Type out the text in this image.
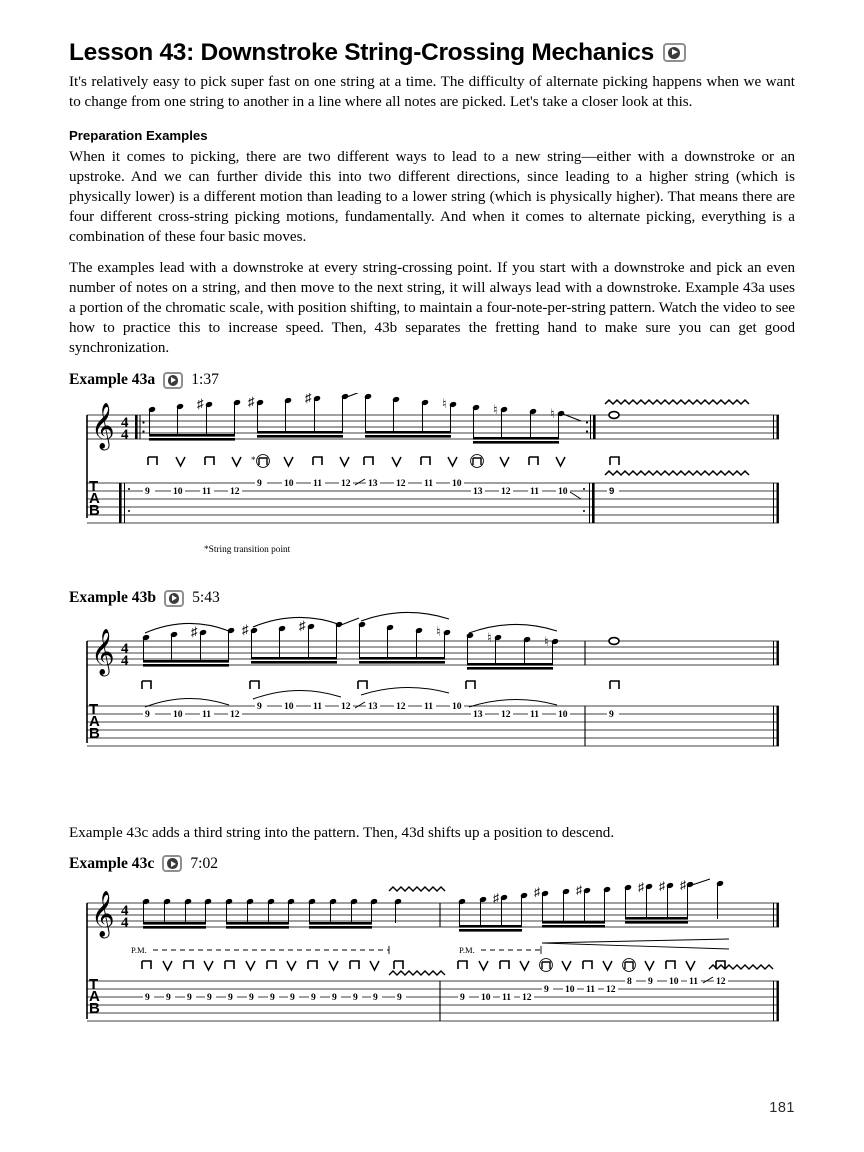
Lesson 43: Downstroke String-Crossing Mechanics

It's relatively easy to pick super fast on one string at a time. The difficulty of alternate picking happens when we want to change from one string to another in a line where all notes are picked. Let's take a closer look at this.

Preparation Examples

When it comes to picking, there are two different ways to lead to a new string—either with a downstroke or an upstroke. And we can further divide this into two different directions, since leading to a higher string (which is physically lower) is a different motion than leading to a lower string (which is physically higher). That means there are four different cross-string picking motions, fundamentally. And when it comes to alternate picking, everything is a combination of these four basic moves.

The examples lead with a downstroke at every string-crossing point. If you start with a downstroke and pick an even number of notes on a string, and then move to the next string, it will always lead with a downstroke. Example 43a uses a portion of the chromatic scale, with position shifting, to maintain a four-note-per-string pattern. Watch the video to see how to practice this to increase speed. Then, 43b separates the fretting hand to make sure you can get good synchronization.

Example 43a 1:37
𝄞 4
4
♯	♯	♯	♮	♮	♮
*
T
A
B
9 10 11 12
9 10 11 12 13 12 11 10
13 12 11 10	9
*String transition point
Example 43b 5:43
𝄞 4
4
♯	♯	♯	♮	♮	♮
T
A
B
9 10 11 12
9 10 11 12 13 12 11 10
13 12 11 10	9

Example 43c adds a third string into the pattern. Then, 43d shifts up a position to descend.

Example 43c 7:02
𝄞 4
4
♯	♯	♯	♯ ♯ ♯
P.M.	P.M.
T
A
B
9 9 9 9 9 9 9 9 9 9 9 9 9	9 10 11 12
9 10 11 12
8 9 10 11 12
181
